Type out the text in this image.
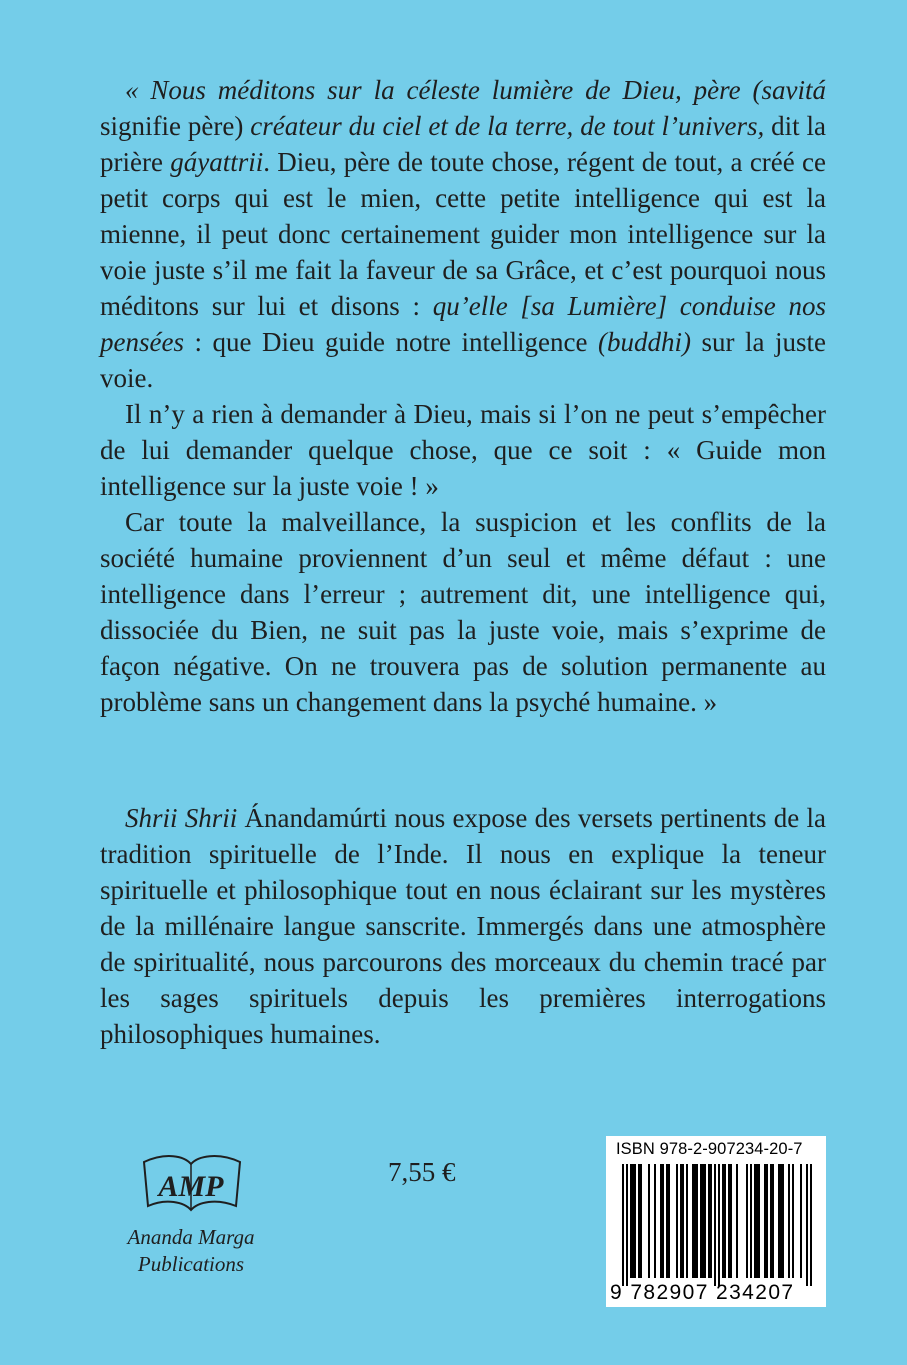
« Nous méditons sur la céleste lumière de Dieu, père (savitá signifie père) créateur du ciel et de la terre, de tout l’univers, dit la prière gáyattrii. Dieu, père de toute chose, régent de tout, a créé ce petit corps qui est le mien, cette petite intelligence qui est la mienne, il peut donc certainement guider mon intelligence sur la voie juste s’il me fait la faveur de sa Grâce, et c’est pourquoi nous méditons sur lui et disons : qu’elle [sa Lumière] conduise nos pensées : que Dieu guide notre intelligence (buddhi) sur la juste voie.

Il n’y a rien à demander à Dieu, mais si l’on ne peut s’empêcher de lui demander quelque chose, que ce soit : « Guide mon intelligence sur la juste voie ! »

Car toute la malveillance, la suspicion et les conflits de la société humaine proviennent d’un seul et même défaut : une intelligence dans l’erreur ; autrement dit, une intelligence qui, dissociée du Bien, ne suit pas la juste voie, mais s’exprime de façon négative. On ne trouvera pas de solution permanente au problème sans un changement dans la psyché humaine. »

Shrii Shrii Ánandamúrti nous expose des versets pertinents de la tradition spirituelle de l’Inde. Il nous en explique la teneur spirituelle et philosophique tout en nous éclairant sur les mystères de la millénaire langue sanscrite. Immergés dans une atmosphère de spiritualité, nous parcourons des morceaux du chemin tracé par les sages spirituels depuis les premières interrogations philosophiques humaines.

AMP
Ananda Marga
Publications
7,55 €
ISBN 978-2-907234-20-7
9 782907 234207
